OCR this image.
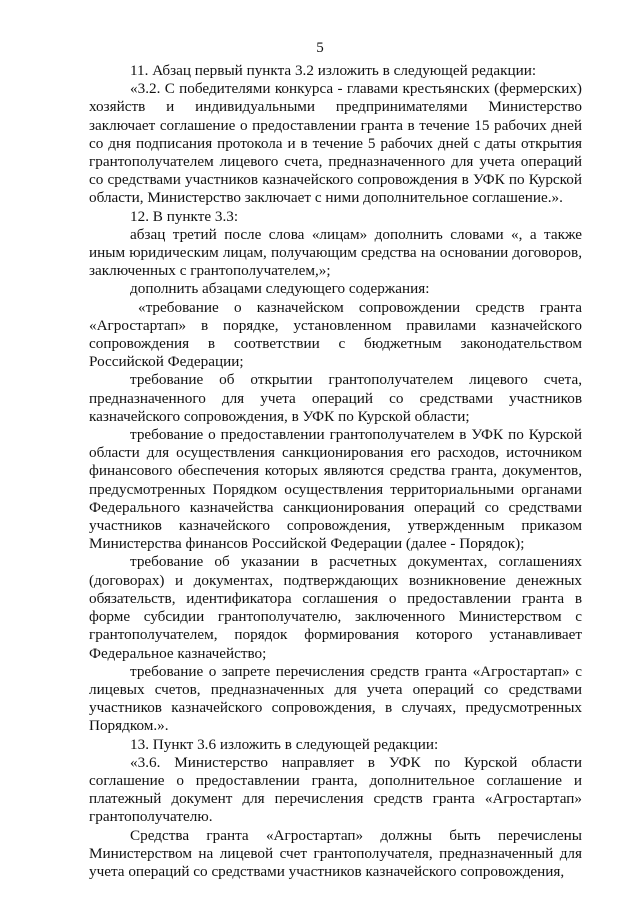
5

11. Абзац первый пункта 3.2 изложить в следующей редакции:

«3.2. С победителями конкурса - главами крестьянских (фермерских) хозяйств и индивидуальными предпринимателями Министерство заключает соглашение о предоставлении гранта в течение 15 рабочих дней со дня подписания протокола и в течение 5 рабочих дней с даты открытия грантополучателем лицевого счета, предназначенного для учета операций со средствами участников казначейского сопровождения в УФК по Курской области, Министерство заключает с ними дополнительное соглашение.».

12. В пункте 3.3:

абзац третий после слова «лицам» дополнить словами «, а также иным юридическим лицам, получающим средства на основании договоров, заключенных с грантополучателем,»;

дополнить абзацами следующего содержания:

«требование о казначейском сопровождении средств гранта «Агростартап» в порядке, установленном правилами казначейского сопровождения в соответствии с бюджетным законодательством Российской Федерации;

требование об открытии грантополучателем лицевого счета, предназначенного для учета операций со средствами участников казначейского сопровождения, в УФК по Курской области;

требование о предоставлении грантополучателем в УФК по Курской области для осуществления санкционирования его расходов, источником финансового обеспечения которых являются средства гранта, документов, предусмотренных Порядком осуществления территориальными органами Федерального казначейства санкционирования операций со средствами участников казначейского сопровождения, утвержденным приказом Министерства финансов Российской Федерации (далее - Порядок);

требование об указании в расчетных документах, соглашениях (договорах) и документах, подтверждающих возникновение денежных обязательств, идентификатора соглашения о предоставлении гранта в форме субсидии грантополучателю, заключенного Министерством с грантополучателем, порядок формирования которого устанавливает Федеральное казначейство;

требование о запрете перечисления средств гранта «Агростартап» с лицевых счетов, предназначенных для учета операций со средствами участников казначейского сопровождения, в случаях, предусмотренных Порядком.».

13. Пункт 3.6 изложить в следующей редакции:

«3.6. Министерство направляет в УФК по Курской области соглашение о предоставлении гранта, дополнительное соглашение и платежный документ для перечисления средств гранта «Агростартап» грантополучателю.

Средства гранта «Агростартап» должны быть перечислены Министерством на лицевой счет грантополучателя, предназначенный для учета операций со средствами участников казначейского сопровождения,
